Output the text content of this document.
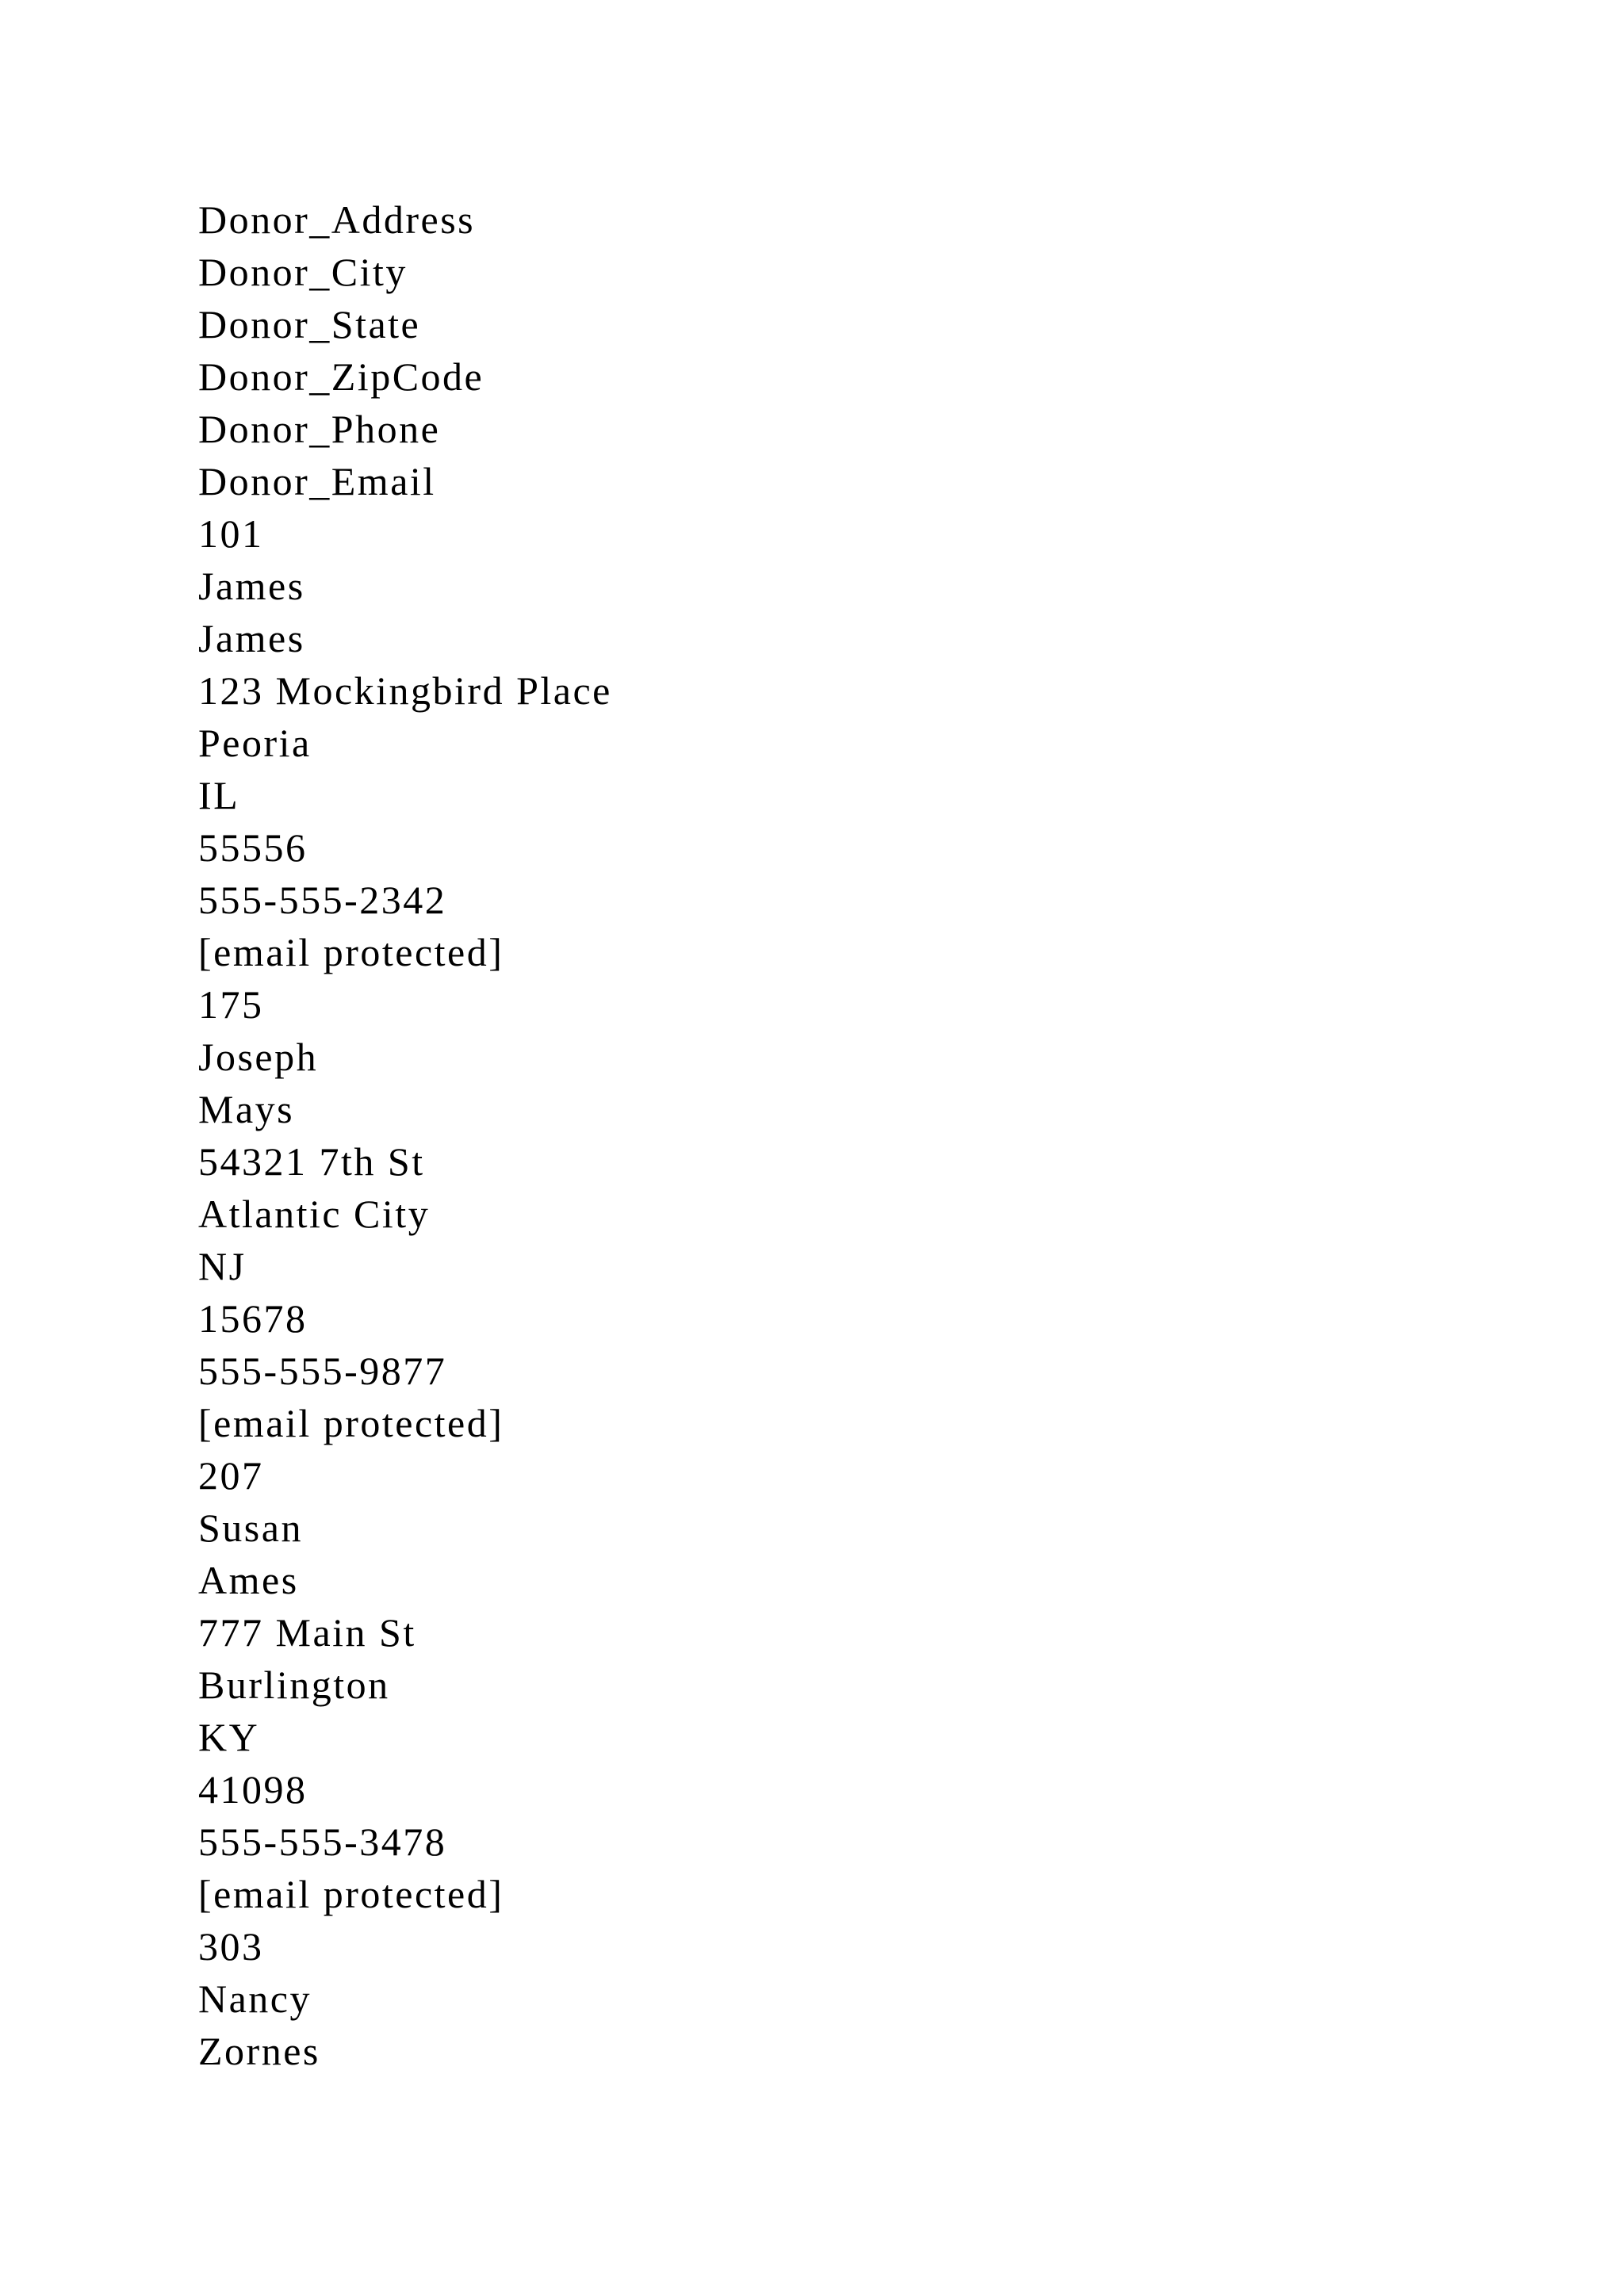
Donor_Address
Donor_City
Donor_State
Donor_ZipCode
Donor_Phone
Donor_Email
101
James
James
123 Mockingbird Place
Peoria
IL
55556
555-555-2342
[email protected]
175
Joseph
Mays
54321 7th St
Atlantic City
NJ
15678
555-555-9877
[email protected]
207
Susan
Ames
777 Main St
Burlington
KY
41098
555-555-3478
[email protected]
303
Nancy
Zornes
